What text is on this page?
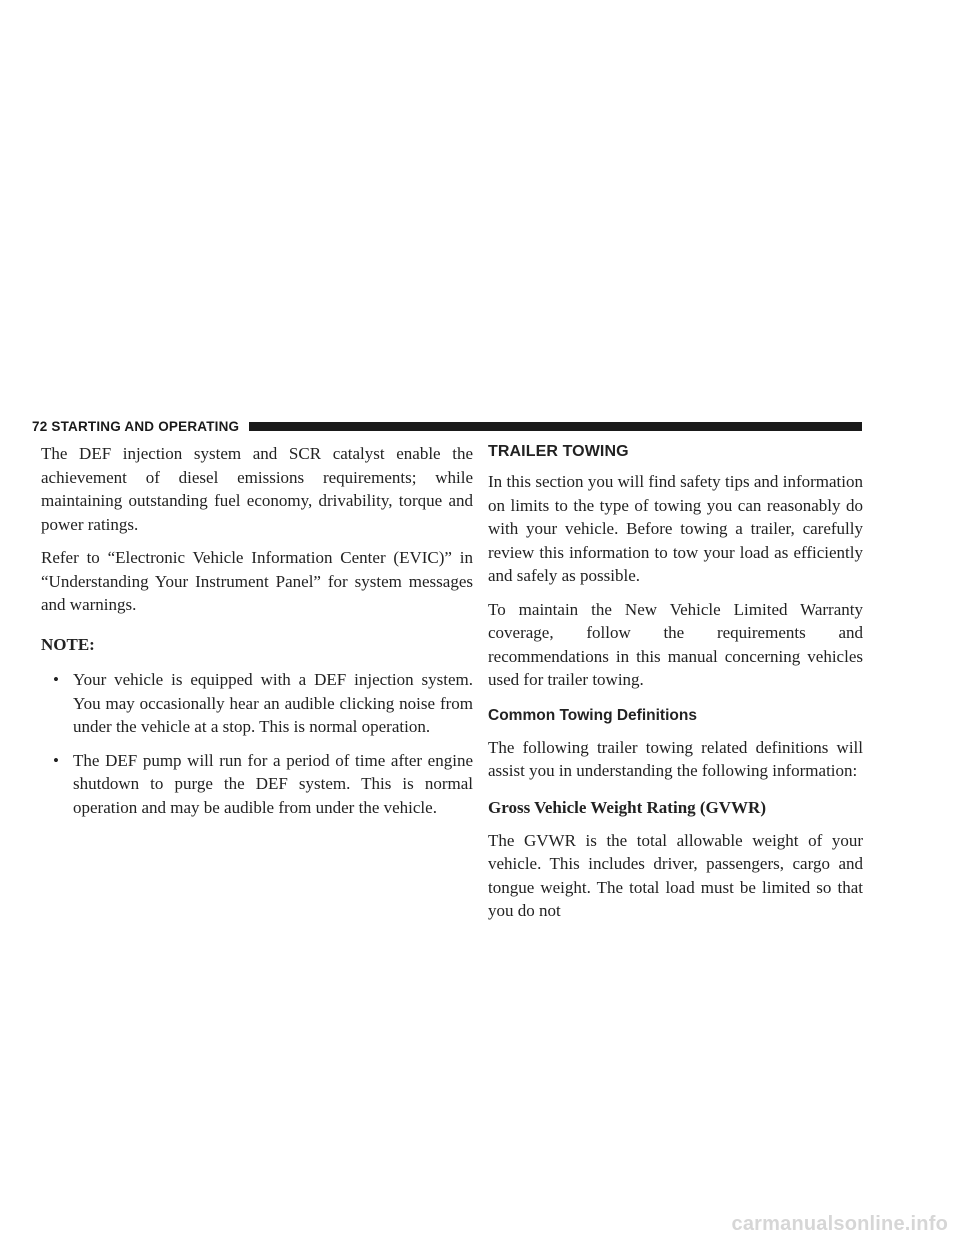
72 STARTING AND OPERATING

The DEF injection system and SCR catalyst enable the achievement of diesel emissions requirements; while maintaining outstanding fuel economy, drivability, torque and power ratings.

Refer to “Electronic Vehicle Information Center (EVIC)” in “Understanding Your Instrument Panel” for system messages and warnings.

NOTE:
• Your vehicle is equipped with a DEF injection system. You may occasionally hear an audible clicking noise from under the vehicle at a stop. This is normal operation.
• The DEF pump will run for a period of time after engine shutdown to purge the DEF system. This is normal operation and may be audible from under the vehicle.
TRAILER TOWING

In this section you will find safety tips and information on limits to the type of towing you can reasonably do with your vehicle. Before towing a trailer, carefully review this information to tow your load as efficiently and safely as possible.

To maintain the New Vehicle Limited Warranty coverage, follow the requirements and recommendations in this manual concerning vehicles used for trailer towing.

Common Towing Definitions

The following trailer towing related definitions will assist you in understanding the following information:

Gross Vehicle Weight Rating (GVWR)

The GVWR is the total allowable weight of your vehicle. This includes driver, passengers, cargo and tongue weight. The total load must be limited so that you do not

carmanualsonline.info
